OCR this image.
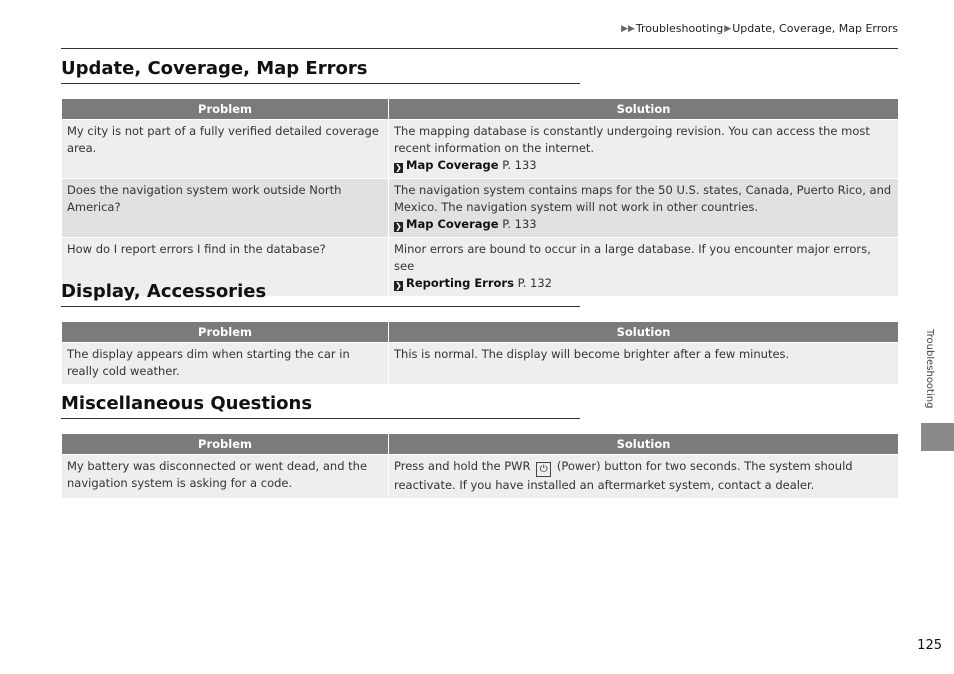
▶▶ Troubleshooting ▶ Update, Coverage, Map Errors
Update, Coverage, Map Errors
Problem	Solution
My city is not part of a fully verified detailed coverage area.	The mapping database is constantly undergoing revision. You can access the most recent information on the internet.
❯ Map Coverage P. 133
Does the navigation system work outside North America?	The navigation system contains maps for the 50 U.S. states, Canada, Puerto Rico, and Mexico. The navigation system will not work in other countries.
❯ Map Coverage P. 133
How do I report errors I find in the database?	Minor errors are bound to occur in a large database. If you encounter major errors, see
❯ Reporting Errors P. 132
Display, Accessories
Problem	Solution
The display appears dim when starting the car in really cold weather.	This is normal. The display will become brighter after a few minutes.
Miscellaneous Questions
Problem	Solution
My battery was disconnected or went dead, and the navigation system is asking for a code.	Press and hold the PWR ⏻ (Power) button for two seconds. The system should reactivate. If you have installed an aftermarket system, contact a dealer.
Troubleshooting
125
